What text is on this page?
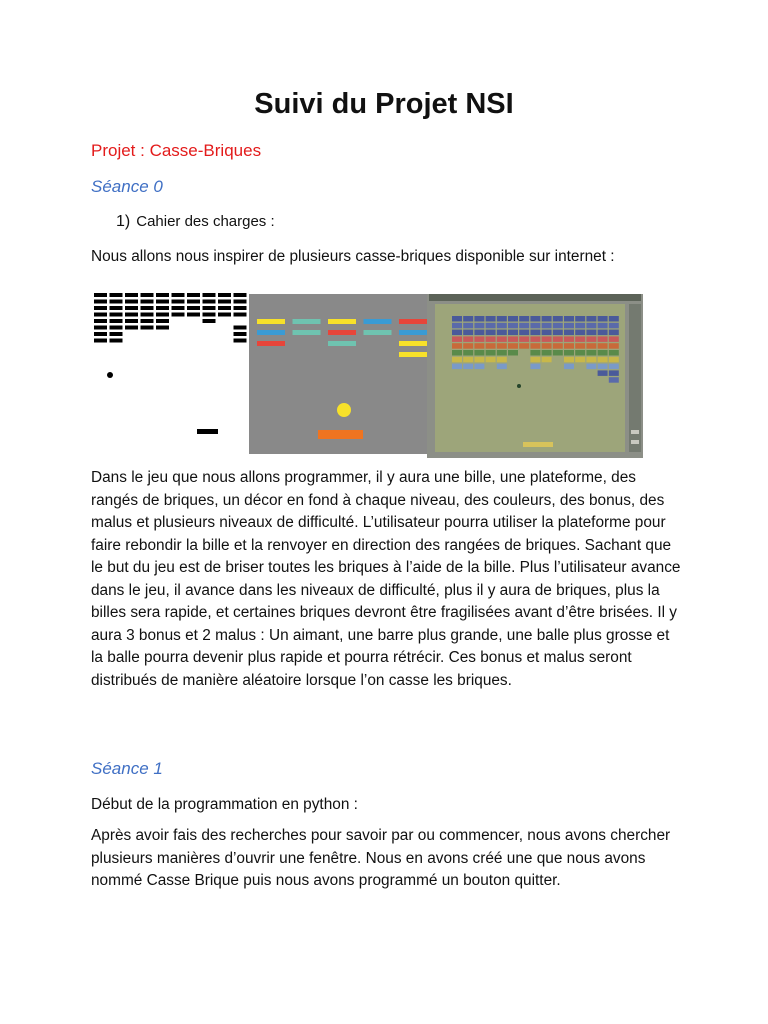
Suivi du Projet NSI

Projet : Casse-Briques

Séance 0

1) Cahier des charges :

Nous allons nous inspirer de plusieurs casse-briques disponible sur internet :

Dans le jeu que nous allons programmer, il y aura une bille, une plateforme, des rangés de briques, un décor en fond à chaque niveau, des couleurs, des bonus, des malus et plusieurs niveaux de difficulté. L’utilisateur pourra utiliser la plateforme pour faire rebondir la bille et la renvoyer en direction des rangées de briques. Sachant que le but du jeu est de briser toutes les briques à l’aide de la bille. Plus l’utilisateur avance dans le jeu, il avance dans les niveaux de difficulté, plus il y aura de briques, plus la billes sera rapide, et certaines briques devront être fragilisées avant d’être brisées. Il y aura 3 bonus et 2 malus : Un aimant, une barre plus grande, une balle plus grosse et la balle pourra devenir plus rapide et pourra rétrécir. Ces bonus et malus seront distribués de manière aléatoire lorsque l’on casse les briques.

Séance 1

Début de la programmation en python :

Après avoir fais des recherches pour savoir par ou commencer, nous avons chercher plusieurs manières d’ouvrir une fenêtre. Nous en avons créé une que nous avons nommé Casse Brique puis nous avons programmé un bouton quitter.
